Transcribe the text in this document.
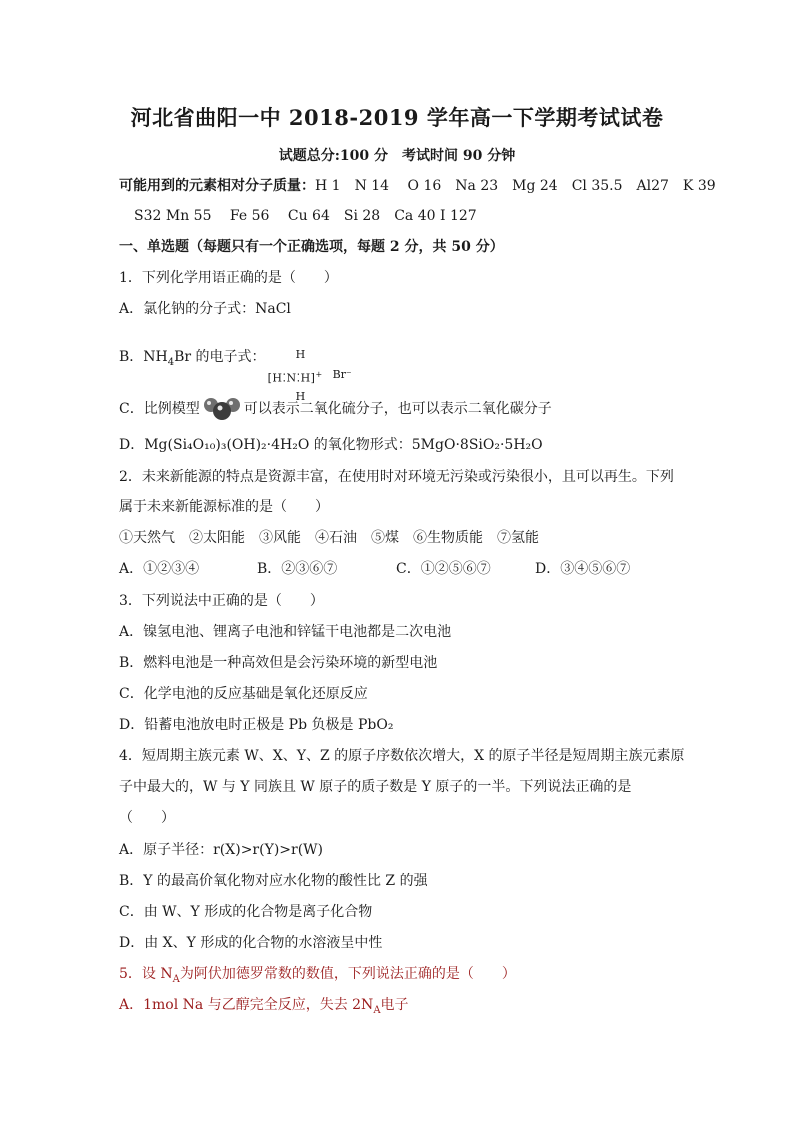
河北省曲阳一中 2018-2019 学年高一下学期考试试卷
试题总分:100 分　考试时间 90 分钟
可能用到的元素相对分子质量：H 1　N 14　 O 16　Na 23　Mg 24　Cl 35.5　Al27　K 39
S32 Mn 55　 Fe 56　 Cu 64　Si 28　Ca 40 I 127
一、单选题（每题只有一个正确选项，每题 2 分，共 50 分）
1．下列化学用语正确的是（　　）
A．氯化钠的分子式：NaCl
B．$NH_4Br$ 的电子式：	H
[H⁚N⁚H]+ Br⁻
H
C．比例模型	可以表示二氧化硫分子，也可以表示二氧化碳分子
D．Mg(Si₄O₁₀)₃(OH)₂·4H₂O 的氧化物形式：5MgO·8SiO₂·5H₂O
2．未来新能源的特点是资源丰富，在使用时对环境无污染或污染很小，且可以再生。下列
属于未来新能源标准的是（　　）
①天然气　②太阳能　③风能　④石油　⑤煤　⑥生物质能　⑦氢能
A．①②③④	B．②③⑥⑦	C．①②⑤⑥⑦	D．③④⑤⑥⑦
3．下列说法中正确的是（　　）
A．镍氢电池、锂离子电池和锌锰干电池都是二次电池
B．燃料电池是一种高效但是会污染环境的新型电池
C．化学电池的反应基础是氧化还原反应
D．铅蓄电池放电时正极是 Pb 负极是 PbO₂
4．短周期主族元素 W、X、Y、Z 的原子序数依次增大，X 的原子半径是短周期主族元素原
子中最大的，W 与 Y 同族且 W 原子的质子数是 Y 原子的一半。下列说法正确的是
（　　）
A．原子半径：r(X)>r(Y)>r(W)
B．Y 的最高价氧化物对应水化物的酸性比 Z 的强
C．由 W、Y 形成的化合物是离子化合物
D．由 X、Y 形成的化合物的水溶液呈中性
5．设 $N_A$为阿伏加德罗常数的数值，下列说法正确的是（　　）
A．1mol Na 与乙醇完全反应，失去 $2N_A$电子
